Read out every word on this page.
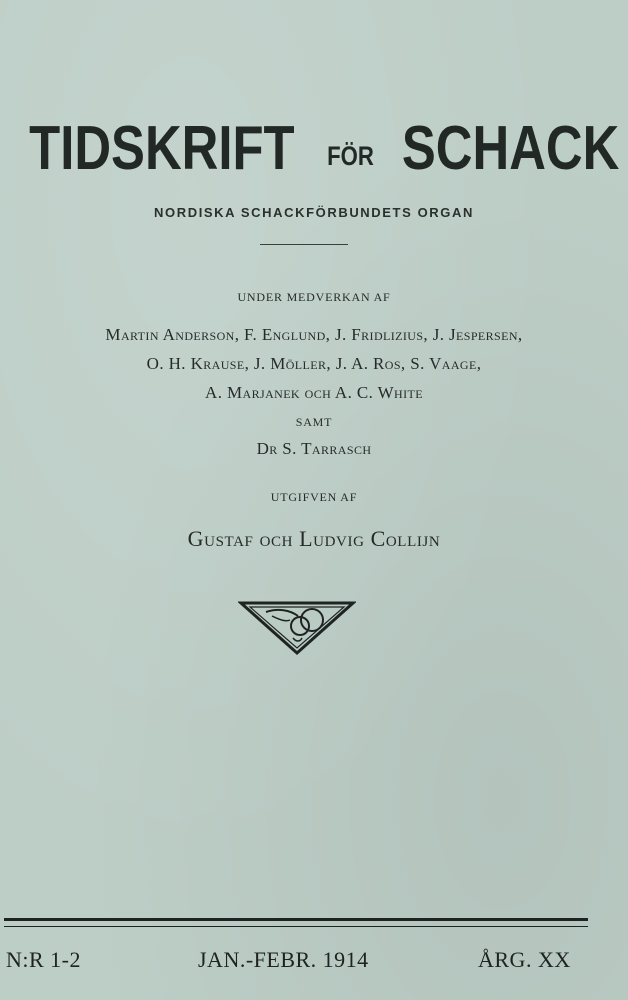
TIDSKRIFT FÖR SCHACK
NORDISKA SCHACKFÖRBUNDETS ORGAN
UNDER MEDVERKAN AF
Martin Anderson, F. Englund, J. Fridlizius, J. Jespersen,
O. H. Krause, J. Möller, J. A. Ros, S. Vaage,
A. Marjanek och A. C. White
SAMT
Dr S. Tarrasch
UTGIFVEN AF
Gustaf och Ludvig Collijn
N:R 1-2	JAN.-FEBR. 1914	ÅRG. XX
